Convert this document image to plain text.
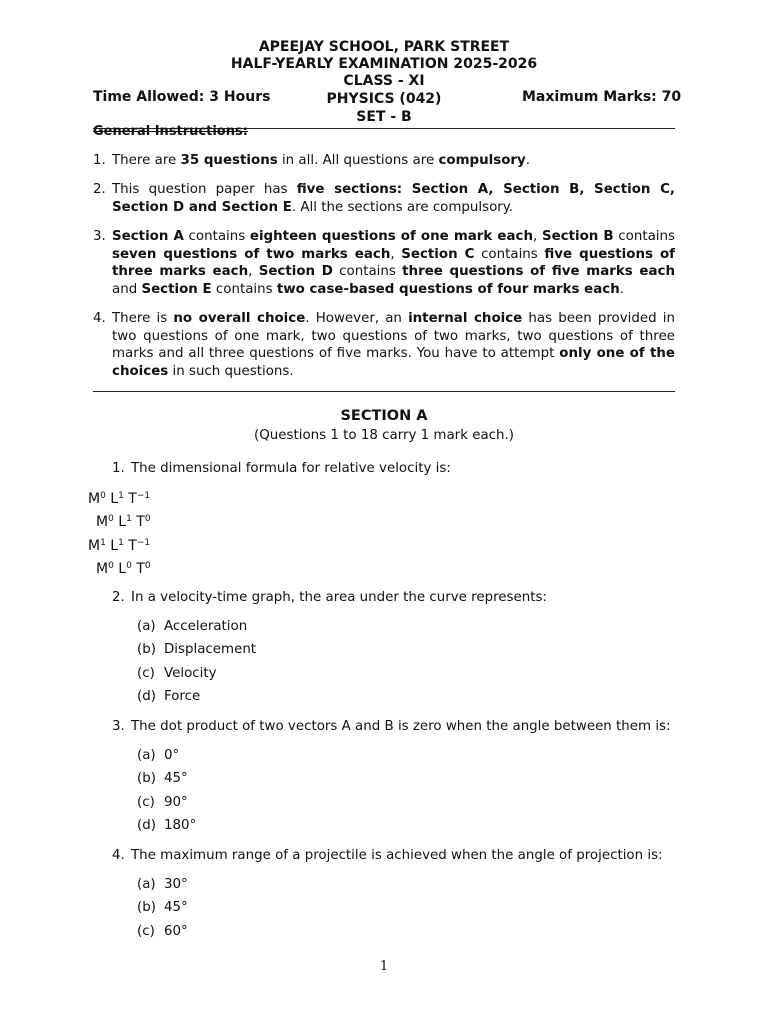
APEEJAY SCHOOL, PARK STREET
HALF-YEARLY EXAMINATION 2025-2026
CLASS - XI
Time Allowed: 3 Hours	PHYSICS (042)	Maximum Marks: 70
SET - B
General Instructions:
1. There are 35 questions in all. All questions are compulsory.
2. This question paper has five sections: Section A, Section B, Section C, Section D and Section E. All the sections are compulsory.
3. Section A contains eighteen questions of one mark each, Section B contains seven questions of two marks each, Section C contains five questions of three marks each, Section D contains three questions of five marks each and Section E contains two case-based questions of four marks each.
4. There is no overall choice. However, an internal choice has been provided in two questions of one mark, two questions of two marks, two questions of three marks and all three questions of five marks. You have to attempt only one of the choices in such questions.
SECTION A
(Questions 1 to 18 carry 1 mark each.)
1. The dimensional formula for relative velocity is:
$M^0$ $L^1$ $T^{-1}$
$M^0$ $L^1$ $T^0$
$M^1$ $L^1$ $T^{-1}$
$M^0$ $L^0$ $T^0$
2. In a velocity-time graph, the area under the curve represents:
(a) Acceleration
(b) Displacement
(c) Velocity
(d) Force
3. The dot product of two vectors A and B is zero when the angle between them is:
(a) 0°
(b) 45°
(c) 90°
(d) 180°
4. The maximum range of a projectile is achieved when the angle of projection is:
(a) 30°
(b) 45°
(c) 60°
1
